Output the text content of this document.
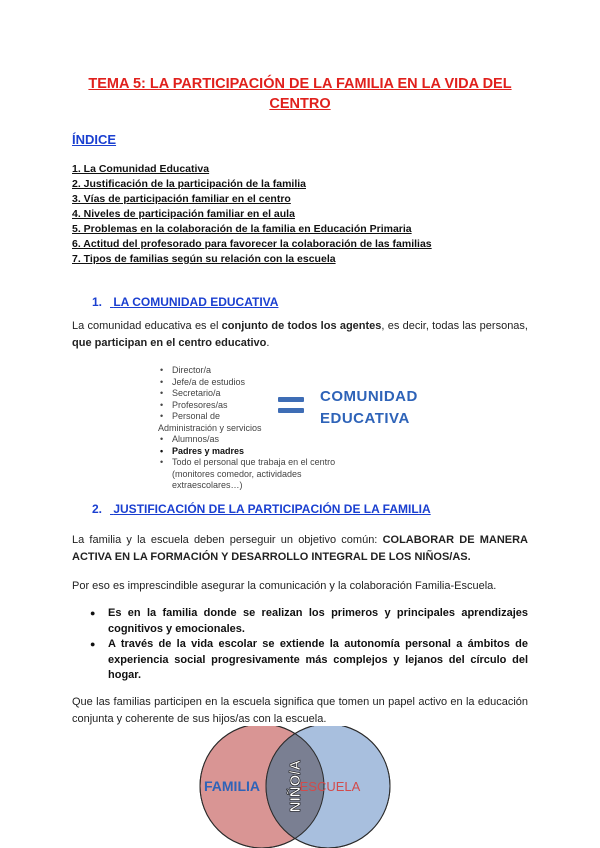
TEMA 5: LA PARTICIPACIÓN DE LA FAMILIA EN LA VIDA DEL CENTRO
ÍNDICE
1. La Comunidad Educativa
2. Justificación de la participación de la familia
3. Vías de participación familiar en el centro
4. Niveles de participación familiar en el aula
5. Problemas en la colaboración de la familia en Educación Primaria
6. Actitud del profesorado para favorecer la colaboración de las familias
7. Tipos de familias según su relación con la escuela
1. LA COMUNIDAD EDUCATIVA

La comunidad educativa es el conjunto de todos los agentes, es decir, todas las personas, que participan en el centro educativo.

• Director/a
• Jefe/a de estudios
• Secretario/a
• Profesores/as
• Personal de
Administración y servicios
• Alumnos/as
• Padres y madres
• Todo el personal que trabaja en el centro
(monitores comedor, actividades
extraescolares…)
COMUNIDAD
EDUCATIVA
2. JUSTIFICACIÓN DE LA PARTICIPACIÓN DE LA FAMILIA

La familia y la escuela deben perseguir un objetivo común: COLABORAR DE MANERA ACTIVA EN LA FORMACIÓN Y DESARROLLO INTEGRAL DE LOS NIÑOS/AS.

Por eso es imprescindible asegurar la comunicación y la colaboración Familia-Escuela.

● Es en la familia donde se realizan los primeros y principales aprendizajes cognitivos y emocionales.
● A través de la vida escolar se extiende la autonomía personal a ámbitos de experiencia social progresivamente más complejos y lejanos del círculo del hogar.

Que las familias participen en la escuela significa que tomen un papel activo en la educación conjunta y coherente de sus hijos/as con la escuela.

FAMILIA	ESCUELA
NIÑO/A
